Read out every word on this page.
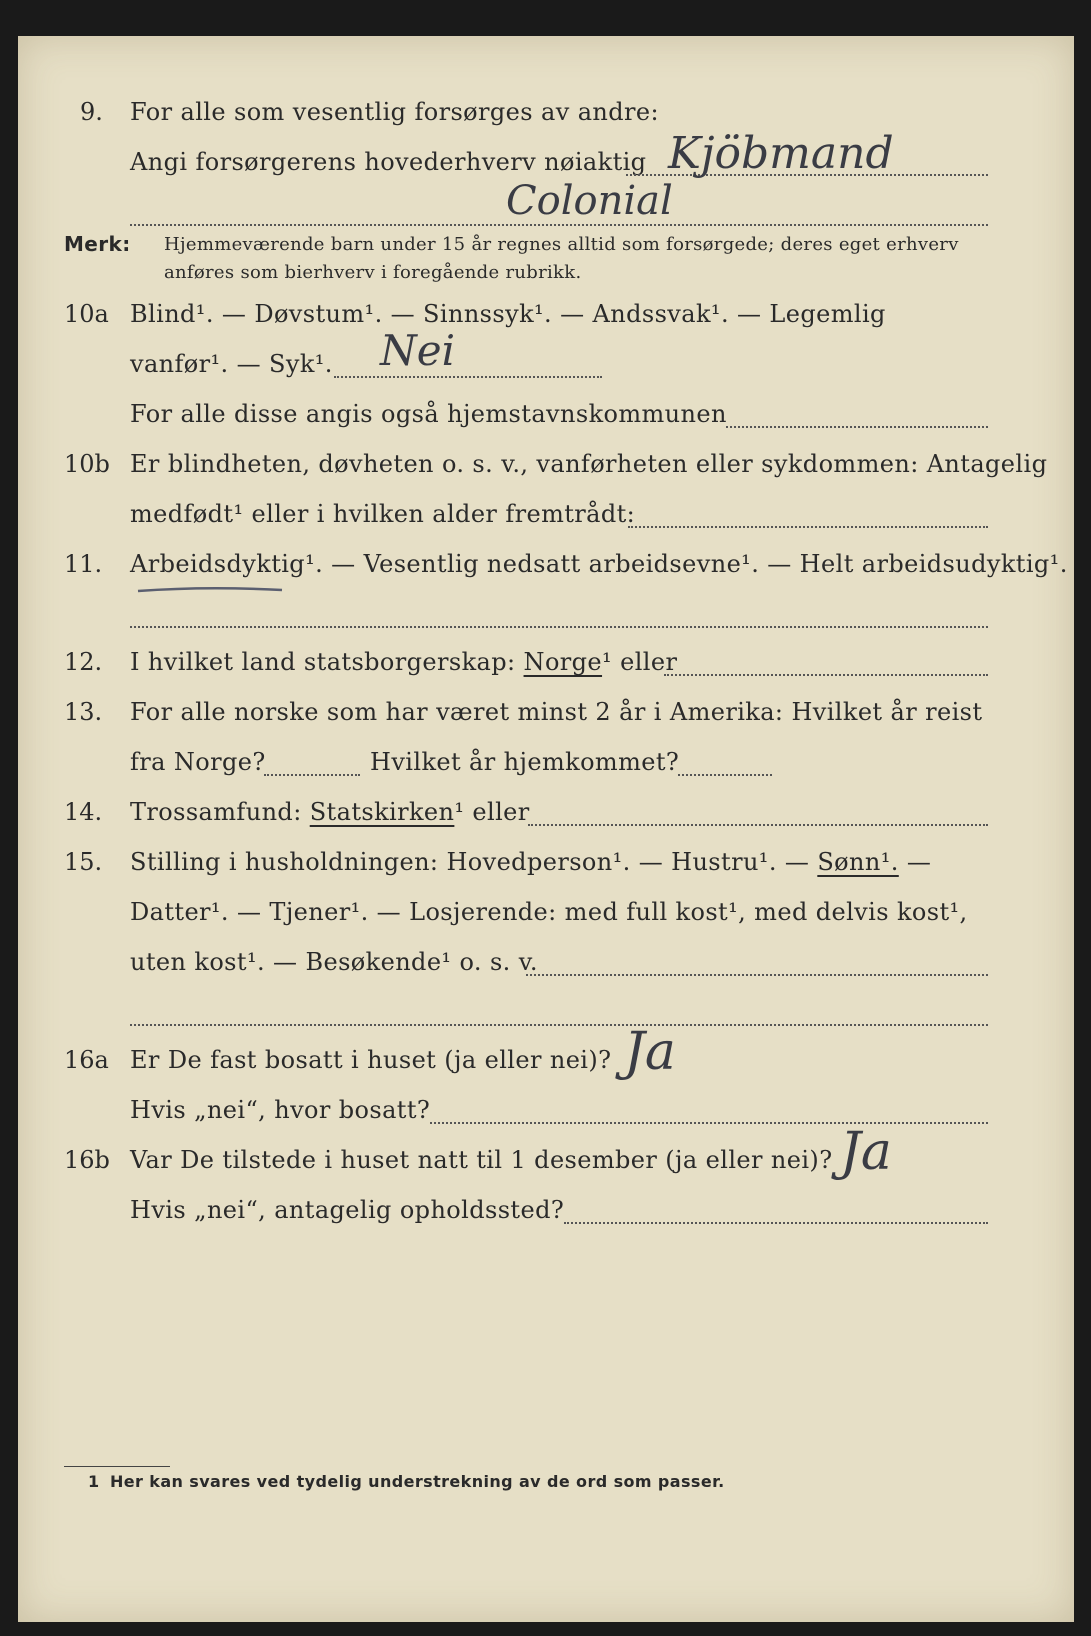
9. For alle som vesentlig forsørges av andre:
Angi forsørgerens hovederhverv nøiaktig Kjöbmand
Colonial
Merk: Hjemmeværende barn under 15 år regnes alltid som forsørgede; deres eget erhverv
anføres som bierhverv i foregående rubrikk.
10a Blind¹. — Døvstum¹. — Sinnssyk¹. — Andssvak¹. — Legemlig
vanfør¹. — Syk¹. Nei
For alle disse angis også hjemstavnskommunen
10b Er blindheten, døvheten o. s. v., vanførheten eller sykdommen: Antagelig
medfødt¹ eller i hvilken alder fremtrådt:
11. Arbeidsdyktig¹. — Vesentlig nedsatt arbeidsevne¹. — Helt arbeidsudyktig¹.
12. I hvilket land statsborgerskap: Norge¹ eller
13. For alle norske som har været minst 2 år i Amerika: Hvilket år reist
fra Norge?	Hvilket år hjemkommet?
14. Trossamfund: Statskirken¹ eller
15. Stilling i husholdningen: Hovedperson¹. — Hustru¹. — Sønn¹. —
Datter¹. — Tjener¹. — Losjerende: med full kost¹, med delvis kost¹,
uten kost¹. — Besøkende¹ o. s. v.
16a Er De fast bosatt i huset (ja eller nei)? Ja
Hvis „nei“, hvor bosatt?
16b Var De tilstede i huset natt til 1 desember (ja eller nei)? Ja
Hvis „nei“, antagelig opholdssted?
1 Her kan svares ved tydelig understrekning av de ord som passer.
